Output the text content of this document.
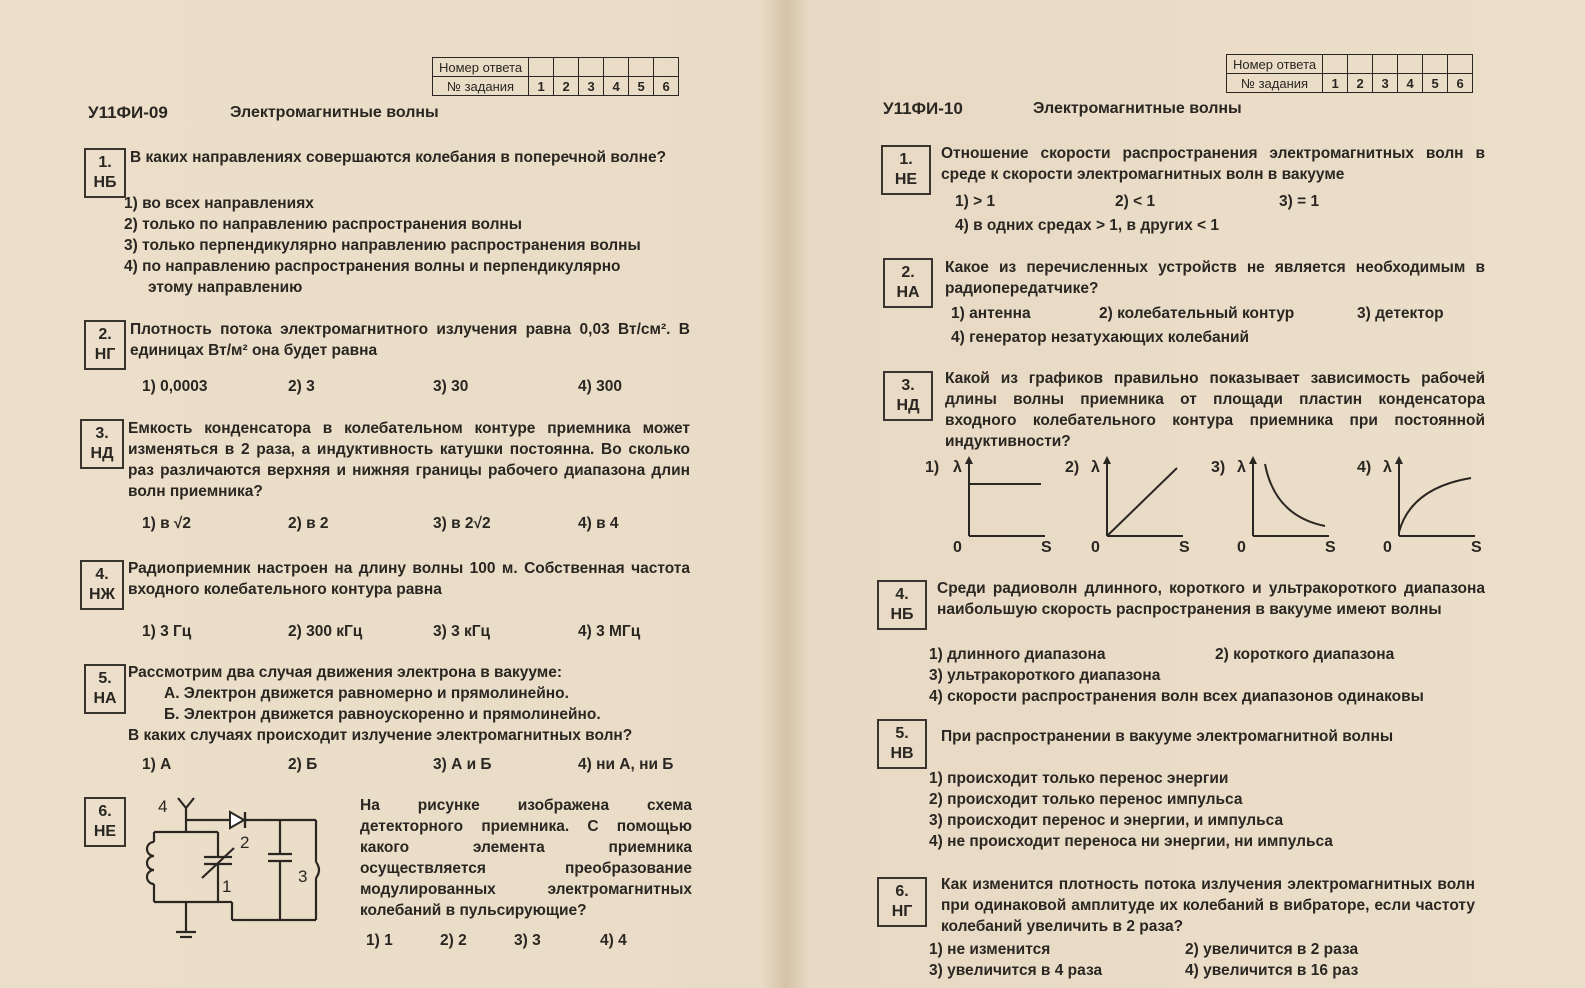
Номер ответа						
№ задания	1	2	3	4	5	6
У11ФИ-09	Электромагнитные волны
1.
НБ
В каких направлениях совершаются колебания в поперечной волне?
1) во всех направлениях
2) только по направлению распространения волны
3) только перпендикулярно направлению распространения волны
4) по направлению распространения волны и перпендикулярно
этому направлению
2.
НГ
Плотность потока электромагнитного излучения равна 0,03 Вт/см². В единицах Вт/м² она будет равна
1) 0,0003	2) 3	3) 30	4) 300
3.
НД
Емкость конденсатора в колебательном контуре приемника может изменяться в 2 раза, а индуктивность катушки постоянна. Во сколько раз различаются верхняя и нижняя границы рабочего диапазона длин волн приемника?
1) в √2	2) в 2	3) в 2√2	4) в 4
4.
НЖ
Радиоприемник настроен на длину волны 100 м. Собственная частота входного колебательного контура равна
1) 3 Гц	2) 300 кГц	3) 3 кГц	4) 3 МГц
5.
НА
Рассмотрим два случая движения электрона в вакууме:
А. Электрон движется равномерно и прямолинейно.
Б. Электрон движется равноускоренно и прямолинейно.
В каких случаях происходит излучение электромагнитных волн?
1) А	2) Б	3) А и Б	4) ни А, ни Б
6.
НЕ
4
2
1
3
На рисунке изображена схема детекторного приемника. С помощью какого элемента приемника осуществляется преобразование модулированных электромагнитных колебаний в пульсирующие?
1) 1	2) 2	3) 3	4) 4
Номер ответа						
№ задания	1	2	3	4	5	6
У11ФИ-10	Электромагнитные волны
1.
НЕ
Отношение скорости распространения электромагнитных волн в среде к скорости электромагнитных волн в вакууме
1) > 1	2) < 1	3) = 1
4) в одних средах > 1, в других < 1
2.
НА
Какое из перечисленных устройств не является необходимым в радиопередатчике?
1) антенна	2) колебательный контур	3) детектор
4) генератор незатухающих колебаний
3.
НД
Какой из графиков правильно показывает зависимость рабочей длины волны приемника от площади пластин конденсатора входного колебательного контура приемника при постоянной индуктивности?
1) λ
0	S
2) λ
0	S
3) λ
0	S
4) λ
0	S
4.
НБ
Среди радиоволн длинного, короткого и ультракороткого диапазона наибольшую скорость распространения в вакууме имеют волны
1) длинного диапазона	2) короткого диапазона
3) ультракороткого диапазона
4) скорости распространения волн всех диапазонов одинаковы
5.
НВ
При распространении в вакууме электромагнитной волны
1) происходит только перенос энергии
2) происходит только перенос импульса
3) происходит перенос и энергии, и импульса
4) не происходит переноса ни энергии, ни импульса
6.
НГ
Как изменится плотность потока излучения электромагнитных волн при одинаковой амплитуде их колебаний в вибраторе, если частоту колебаний увеличить в 2 раза?
1) не изменится	2) увеличится в 2 раза
3) увеличится в 4 раза	4) увеличится в 16 раз
